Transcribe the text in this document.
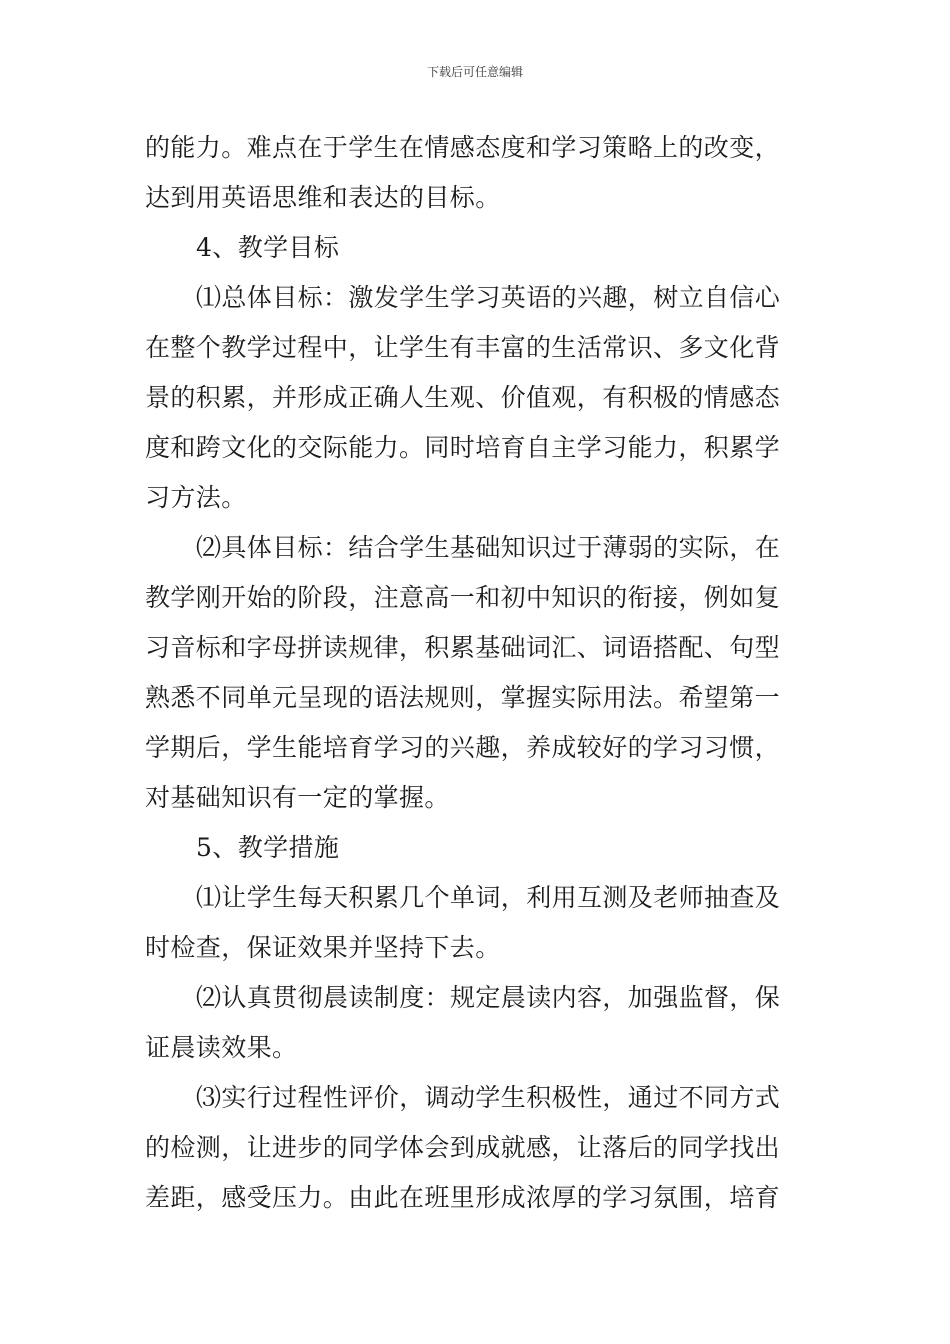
下载后可任意编辑
的能力。难点在于学生在情感态度和学习策略上的改变，
达到用英语思维和表达的目标。
4、教学目标
⑴总体目标：激发学生学习英语的兴趣，树立自信心
在整个教学过程中，让学生有丰富的生活常识、多文化背
景的积累，并形成正确人生观、价值观，有积极的情感态
度和跨文化的交际能力。同时培育自主学习能力，积累学
习方法。
⑵具体目标：结合学生基础知识过于薄弱的实际，在
教学刚开始的阶段，注意高一和初中知识的衔接，例如复
习音标和字母拼读规律，积累基础词汇、词语搭配、句型
熟悉不同单元呈现的语法规则，掌握实际用法。希望第一
学期后，学生能培育学习的兴趣，养成较好的学习习惯，
对基础知识有一定的掌握。
5、教学措施
⑴让学生每天积累几个单词，利用互测及老师抽查及
时检查，保证效果并坚持下去。
⑵认真贯彻晨读制度：规定晨读内容，加强监督，保
证晨读效果。
⑶实行过程性评价，调动学生积极性，通过不同方式
的检测，让进步的同学体会到成就感，让落后的同学找出
差距，感受压力。由此在班里形成浓厚的学习氛围，培育
